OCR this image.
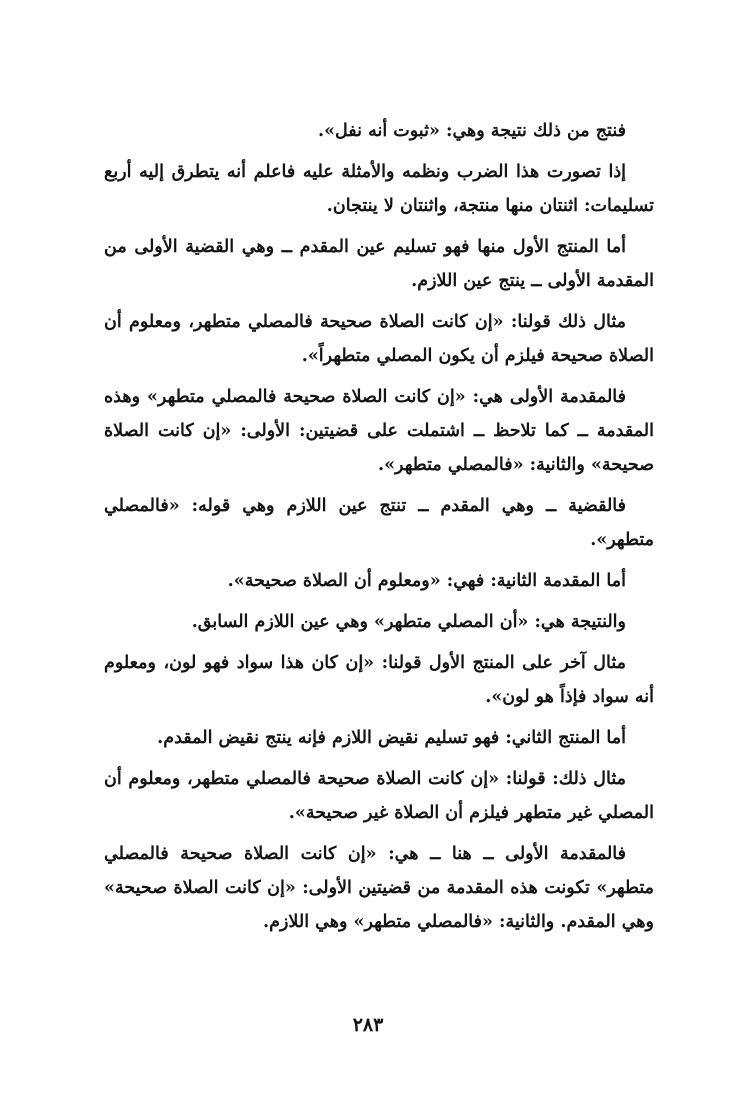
فنتج من ذلك نتيجة وهي: «ثبوت أنه نفل».

إذا تصورت هذا الضرب ونظمه والأمثلة عليه فاعلم أنه يتطرق إليه أربع تسليمات: اثنتان منها منتجة، واثنتان لا ينتجان.

أما المنتج الأول منها فهو تسليم عين المقدم ــ وهي القضية الأولى من المقدمة الأولى ــ ينتج عين اللازم.

مثال ذلك قولنا: «إن كانت الصلاة صحيحة فالمصلي متطهر، ومعلوم أن الصلاة صحيحة فيلزم أن يكون المصلي متطهراً».

فالمقدمة الأولى هي: «إن كانت الصلاة صحيحة فالمصلي متطهر» وهذه المقدمة ــ كما تلاحظ ــ اشتملت على قضيتين: الأولى: «إن كانت الصلاة صحيحة» والثانية: «فالمصلي متطهر».

فالقضية ــ وهي المقدم ــ تنتج عين اللازم وهي قوله: «فالمصلي متطهر».

أما المقدمة الثانية: فهي: «ومعلوم أن الصلاة صحيحة».

والنتيجة هي: «أن المصلي متطهر» وهي عين اللازم السابق.

مثال آخر على المنتج الأول قولنا: «إن كان هذا سواد فهو لون، ومعلوم أنه سواد فإذاً هو لون».

أما المنتج الثاني: فهو تسليم نقيض اللازم فإنه ينتج نقيض المقدم.

مثال ذلك: قولنا: «إن كانت الصلاة صحيحة فالمصلي متطهر، ومعلوم أن المصلي غير متطهر فيلزم أن الصلاة غير صحيحة».

فالمقدمة الأولى ــ هنا ــ هي: «إن كانت الصلاة صحيحة فالمصلي متطهر» تكونت هذه المقدمة من قضيتين الأولى: «إن كانت الصلاة صحيحة» وهي المقدم. والثانية: «فالمصلي متطهر» وهي اللازم.

٢٨٣
